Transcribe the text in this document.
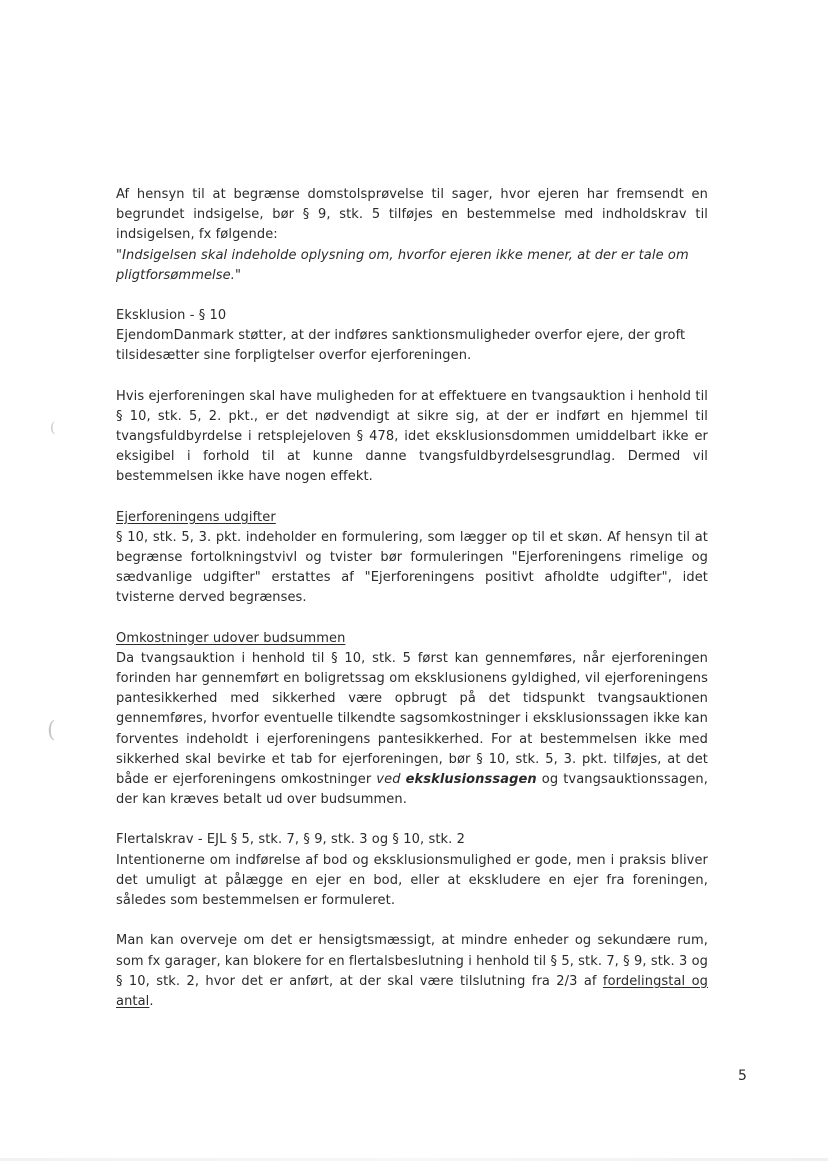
(
(

Af hensyn til at begrænse domstolsprøvelse til sager, hvor ejeren har fremsendt en begrundet indsigelse, bør § 9, stk. 5 tilføjes en bestemmelse med indholdskrav til indsigelsen, fx følgende:

"Indsigelsen skal indeholde oplysning om, hvorfor ejeren ikke mener, at der er tale om pligtforsømmelse."

Eksklusion - § 10

EjendomDanmark støtter, at der indføres sanktionsmuligheder overfor ejere, der groft tilsidesætter sine forpligtelser overfor ejerforeningen.

Hvis ejerforeningen skal have muligheden for at effektuere en tvangsauktion i henhold til § 10, stk. 5, 2. pkt., er det nødvendigt at sikre sig, at der er indført en hjemmel til tvangsfuldbyrdelse i retsplejeloven § 478, idet eksklusionsdommen umiddelbart ikke er eksigibel i forhold til at kunne danne tvangsfuldbyrdelsesgrundlag. Dermed vil bestemmelsen ikke have nogen effekt.

Ejerforeningens udgifter

§ 10, stk. 5, 3. pkt. indeholder en formulering, som lægger op til et skøn. Af hensyn til at begrænse fortolkningstvivl og tvister bør formuleringen "Ejerforeningens rimelige og sædvanlige udgifter" erstattes af "Ejerforeningens positivt afholdte udgifter", idet tvisterne derved begrænses.

Omkostninger udover budsummen

Da tvangsauktion i henhold til § 10, stk. 5 først kan gennemføres, når ejerforeningen forinden har gennemført en boligretssag om eksklusionens gyldighed, vil ejerforeningens pantesikkerhed med sikkerhed være opbrugt på det tidspunkt tvangsauktionen gennemføres, hvorfor eventuelle tilkendte sagsomkostninger i eksklusionssagen ikke kan forventes indeholdt i ejerforeningens pantesikkerhed. For at bestemmelsen ikke med sikkerhed skal bevirke et tab for ejerforeningen, bør § 10, stk. 5, 3. pkt. tilføjes, at det både er ejerforeningens omkostninger ved eksklusionssagen og tvangsauktionssagen, der kan kræves betalt ud over budsummen.

Flertalskrav - EJL § 5, stk. 7, § 9, stk. 3 og § 10, stk. 2

Intentionerne om indførelse af bod og eksklusionsmulighed er gode, men i praksis bliver det umuligt at pålægge en ejer en bod, eller at ekskludere en ejer fra foreningen, således som bestemmelsen er formuleret.

Man kan overveje om det er hensigtsmæssigt, at mindre enheder og sekundære rum, som fx garager, kan blokere for en flertalsbeslutning i henhold til § 5, stk. 7, § 9, stk. 3 og § 10, stk. 2, hvor det er anført, at der skal være tilslutning fra 2/3 af fordelingstal og antal.

5
